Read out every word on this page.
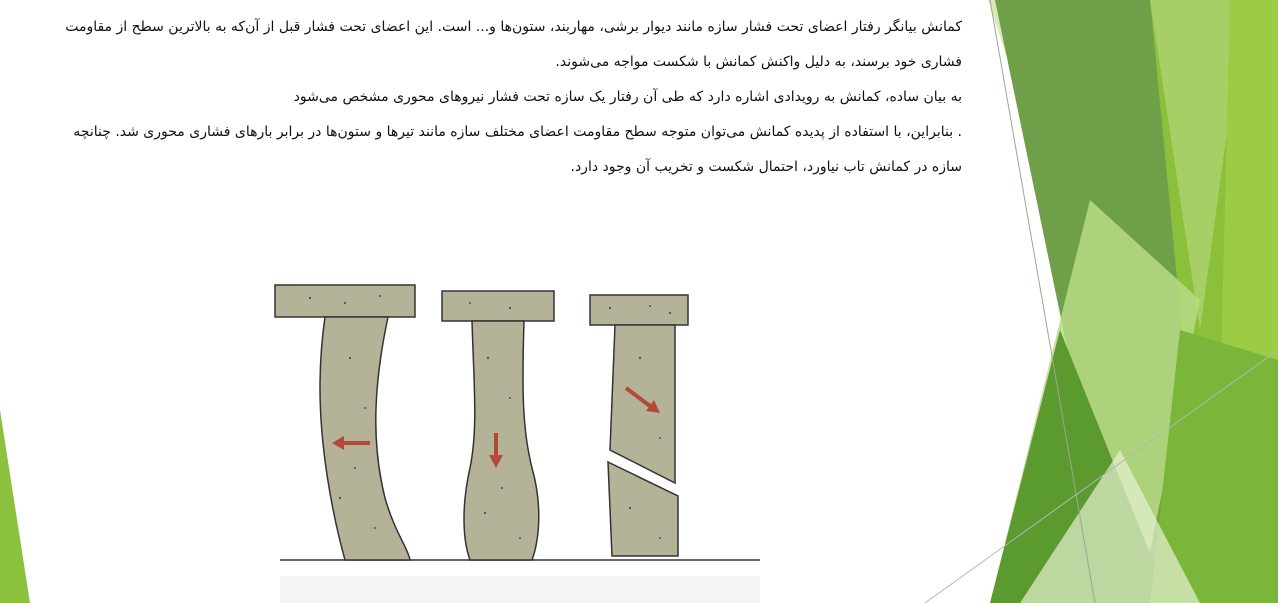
کمانش بیانگر رفتار اعضای تحت فشار سازه مانند دیوار برشی، مهاربند، ستون‌ها و... است. این اعضای تحت فشار قبل از آن‌که به بالاترین سطح از مقاومت فشاری خود برسند، به دلیل واکنش کمانش با شکست مواجه می‌شوند.

به بیان ساده، کمانش به رویدادی اشاره دارد که طی آن رفتار یک سازه تحت فشار نیروهای محوری مشخص می‌شود

. بنابراین، با استفاده از پدیده کمانش می‌توان متوجه سطح مقاومت اعضای مختلف سازه مانند تیرها و ستون‌ها در برابر بارهای فشاری محوری شد. چنانچه سازه در کمانش تاب نیاورد، احتمال شکست و تخریب آن وجود دارد.
